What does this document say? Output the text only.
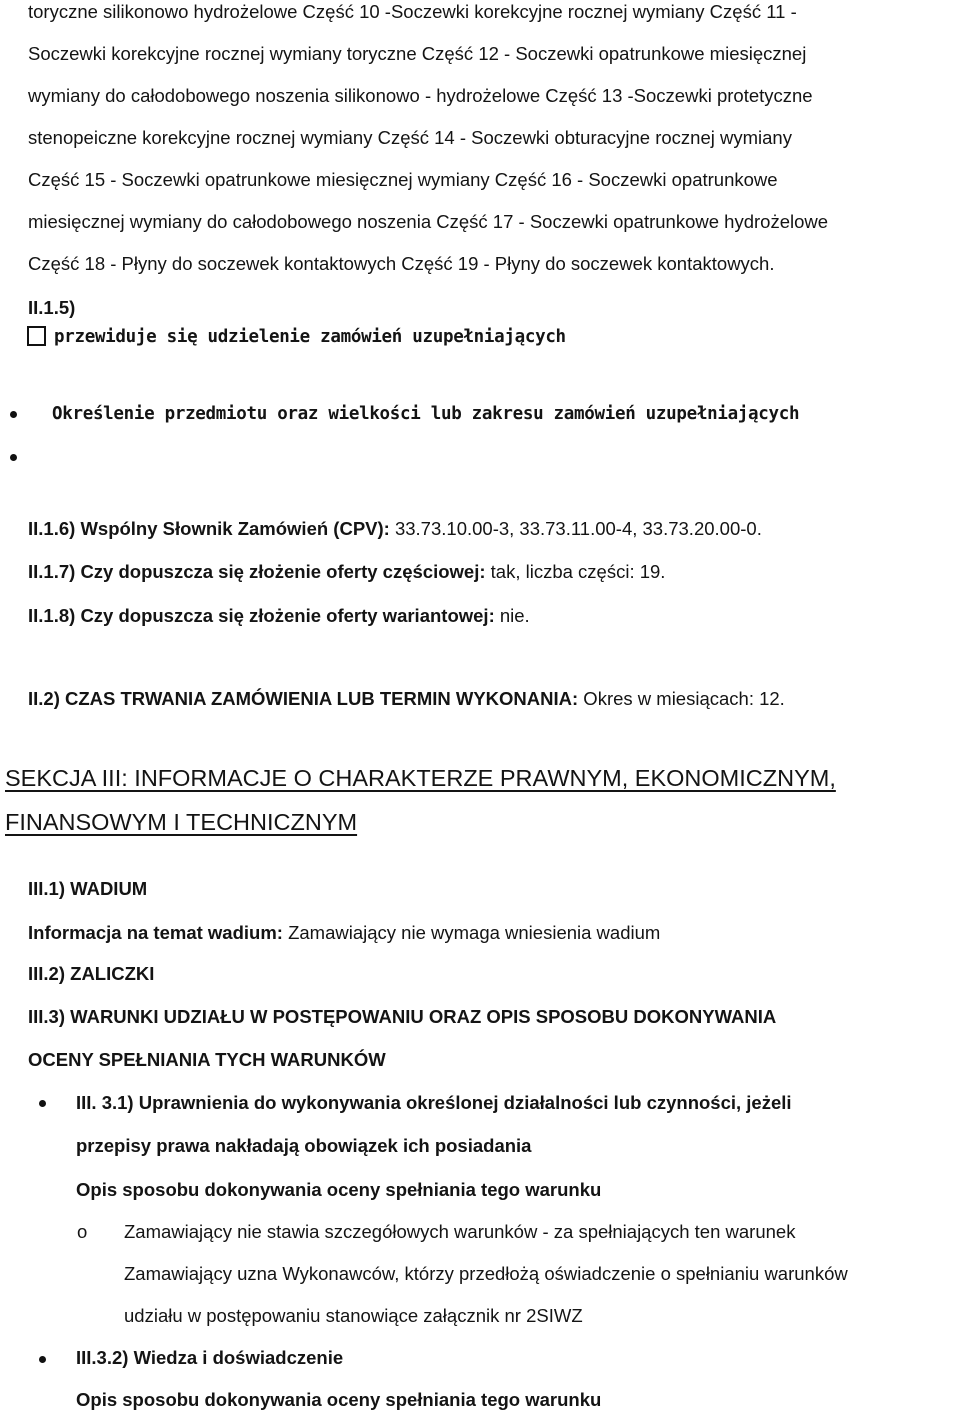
toryczne silikonowo hydrożelowe Część 10 -Soczewki korekcyjne rocznej wymiany Część 11 -
Soczewki korekcyjne rocznej wymiany toryczne Część 12 - Soczewki opatrunkowe miesięcznej
wymiany do całodobowego noszenia silikonowo - hydrożelowe Część 13 -Soczewki protetyczne
stenopeiczne korekcyjne rocznej wymiany Część 14 - Soczewki obturacyjne rocznej wymiany
Część 15 - Soczewki opatrunkowe miesięcznej wymiany Część 16 - Soczewki opatrunkowe
miesięcznej wymiany do całodobowego noszenia Część 17 - Soczewki opatrunkowe hydrożelowe
Część 18 - Płyny do soczewek kontaktowych Część 19 - Płyny do soczewek kontaktowych.
II.1.5)
przewiduje się udzielenie zamówień uzupełniających
Określenie przedmiotu oraz wielkości lub zakresu zamówień uzupełniających
II.1.6) Wspólny Słownik Zamówień (CPV): 33.73.10.00-3, 33.73.11.00-4, 33.73.20.00-0.
II.1.7) Czy dopuszcza się złożenie oferty częściowej: tak, liczba części: 19.
II.1.8) Czy dopuszcza się złożenie oferty wariantowej: nie.
II.2) CZAS TRWANIA ZAMÓWIENIA LUB TERMIN WYKONANIA: Okres w miesiącach: 12.
SEKCJA III: INFORMACJE O CHARAKTERZE PRAWNYM, EKONOMICZNYM,
FINANSOWYM I TECHNICZNYM
III.1) WADIUM
Informacja na temat wadium: Zamawiający nie wymaga wniesienia wadium
III.2) ZALICZKI
III.3) WARUNKI UDZIAŁU W POSTĘPOWANIU ORAZ OPIS SPOSOBU DOKONYWANIA
OCENY SPEŁNIANIA TYCH WARUNKÓW
III. 3.1) Uprawnienia do wykonywania określonej działalności lub czynności, jeżeli
przepisy prawa nakładają obowiązek ich posiadania
Opis sposobu dokonywania oceny spełniania tego warunku
o Zamawiający nie stawia szczegółowych warunków - za spełniających ten warunek
Zamawiający uzna Wykonawców, którzy przedłożą oświadczenie o spełnianiu warunków
udziału w postępowaniu stanowiące załącznik nr 2SIWZ
III.3.2) Wiedza i doświadczenie
Opis sposobu dokonywania oceny spełniania tego warunku
